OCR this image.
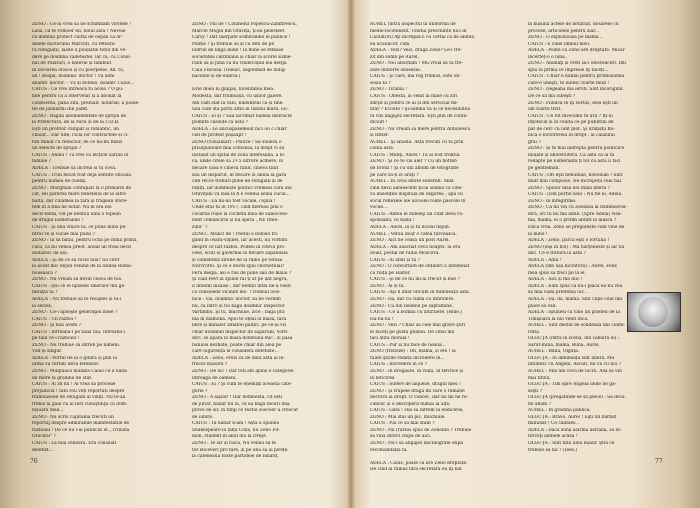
ZENO : Ce-ai vrea să ne schimbăm vîrstele !
Lasă, că te vomoer eu, bolul ăsta ! Nevoie
ca domnul profect cuitta de oepan ca or-
dinele doctorului Marcuti, cu retestu-
ra refugiatii, lasite a pouliatie totul din ve-
dere pe doamna vădeteștei, lar ca, cu Consi-
liul de Palaturi, o baterie și tamburi
în favoarea oracol și cu poorpetie. Ah, tu,
ah ! Bospa, doamna' doctor ! Vă adni
doamn' doctor. – Vă și nobele, doamn' Caius...
CAIUS : Ce vrei întreacă tu acolo ? O pu-
blie pentru că a intervenit și a abonat la
conștientă, pana zita, preluait, notarial, a poate-
tle de jandarmi din județ.
ZENO : Bagan abonamentele de sprijin de
la Prefectură, de la Nicu și de la U.D.B.
Eşti un profitor cumpăt și romantic, un
chioăr... Dar uite, ciclă for contractele și ci-
toti mînat cu redactor, de ce nu-mi fixezi
un sefecte de sprijin ?
CAIUS : Ahiba ! Tu vrei cu lecțion sărilia în
familie ?
ADELA : Trebuie să încrezi și tu cova.
CAIUS : Trun fiecat rost deja sentire oficială
pentru numea de clienți.
ZENO : Morgman contupait la o primărie de
cat, sei părerea mare bebețelul de la latre
baltă, dar culamea la țară și trăgean sfore-
tele în a tină de notar. Nu m era boi
decit-tenta, vid pe nentoii unui s topean
de dragul Esmeraldei !
CAIUS : Şi ană vinice tu, ce pune mina pe-
ntrul ve și vocile mai pului ?
ZENO : Ia să bătăi, pentru ocha pe mină prima
cură, că nu venea preot, anual un treia decit
donăzeci de ani.
ADELA : Şi de ce să rovie fala? Să citet
la acest mic dejun venind de la Stinea Roma-
noueasca ?
ZENO : Nu vream să devin ceava de tus.
CAIUS : Ştii ce le lipseste tinerilor din ge-
neraţia ta ?
ADELA : Nu trebuie să te reciples și tu-i
ia seriox.
ZENO : Ce-i lipseşte generaţiei mele ?
CAIUS : Un război !
ZENO : Şi mai avem ?
CAIUS : Intreabă-l pe tatăl tău. Intreabă-l
pe tăul ce-i războiul !
ZENO : Nu trebuie să întreb pe nimeni.
Văd și singur.
ADELA : Portul de la o gitară și plin la
urmă va certati deva fetelelor.
ZENO : Mulpuacă mulaba Caius cu a haltă
de lnore la grădina de stat.
CAIUS : Ai zn nu ! Al vrea să procede
prejudiciu ! Iată rou veți reportați despre
frumoaseile de refugiati și viniți. Nu te-au
trimis la gaiii cu ai fost cunoştinţă cu dom-
nișoara mea...
ZENO : Nu scris căpitănia trecuti un
reportaj despre admirabile manifestatile de
războiul ! De ce nu l-ai publicat în ,,Tribuna
Oraciței" ?
CAIUS : La noa cenzura. Era consiliat
defetist...
ZENO : Pâi de ! Colanelul Popescu-Zamfirescu,
Marcle Mogul din Oravița, ți-au pelesteet
Carsy ! Dar înerpăte Esmeraldei le publice !
Poliție ! Şi trebuie să și cu deti de pe
ludroli de lingă mine ! Ia mine se remase
societatea cardinalui și chiar la școrie Esme-
raldi să și pină vă nu vindecațiul ela dergă
Cuiu Filloosa. (Gleuic, zagonmsd de indig-
naciune și de eulevă.)

Este mieli ni gingaș, lucelitatea mea.
Modestă, dar frumoasă, cu ușilor galere.
Am cam stat la valo, bineînțeal ca și tine.
Sau cum stă porta affla în fundul mării, ioc.
CAIUS : Ei și ? Sau lacrimat bamea distructe
pomnte căselde ca asta ?
ADELA : Le ancuspasemeaț nici ou c chiar
ciel de protest pașaupt !
ZENO (vizualităr) : Poliive ! Să suueza o
prisoplatoare mai convinsă, la drept vi sa
instalat un spital de zonă interesană, a lo-
ca, unde citele sa 2+5 ulfrore acmere, în
fiecare casă e cineva rănit, cineva ținit
sau un dispărut, în fiecare zi uneai la gară
cite recce trenuri pline de refugiați și de
răniți, iar domnește politici vremeai cura dia
Oravițani va lasa la fi e vedeia șeina cucul...
CAIUS : Ea nu-au fost vocale, copila !
Unde erai tu în 1917, cînd mereau pîni o
cocardă roșie la cocheta mea de subiocote-
nent comancirui și nu spera ,,NE rmle-
zulu'' ?
ZENO : Atunci de ! Poetui e bonieli fri-
gand în ceară-vișinei, îar acesti, nu vorbim
despre ce liat război. Podesi în citeva pro-
cese, scoți și guvernul în fiecare zăpăneală
și comentezi zirelle de la radio pe terasă
Norcrorei. Şi ce e dovdi spui clocherulal?
Ferii despă, asi e rău de pîine sau de mălăi ?
Şi ciad Pevt ili spune răi ți ăt pe unt negru,
il înteîlni insaise ; dar nemții intlu ne-a venit
că consolede vicinile mo- ? Domuil loso-
nice : Vai, doamna' doctor, să ne vorbim
nu, că intro și toi bagă doamna' inspector
Vartindiu. Şi tu, muchiule, zice ; bagă pră
nia în mamona. Apoi te oțeai la masă, fără
bere și mînâlor amatoli palțiri, pe ce-ai vis
chiar doamnei inspector de săparunl, Vorti-
dîrc, se apară la masa domnului mic : și pasă
bunicei dezbate, poate chiar din alea pe
care Sigurența le considera defetiste...
ADELA : Zeno, erezi că de data asta ai în-
trecut măsura ?
ZENO : De loc ! Dar toti am ajuns o categorie
întreagă de oameni.
CAIUS : Ei ? Şi cum te ehemaţi această cate-
gorie ?
ZENO : A laşilor ! Dar domnesta, cit ești
de jurist, habar nu ai, ce ea bagă mouri dua
prove de sir, în timp ce restul soocoer a crescut
de iubire.
CAIUS : Ta habar n-am ! Așta a spunea
Shakespeare la falța Cons, nu Zeno Fil-
mon, student în anul doi la Drept.
ZENO : Te iar și riscă, Nu venea să te
tot enceverl pro tare, și pe una să ai pîreții
la cafeneaua toate partidele de biliard.
76
AUREL (intră inspectul la uniformă de
medie-locotenent. Unetiă preschinte nici în
Cautători) Aţi încrepat-o cu certai ca de abitez,
ea ucuulicor. cum
ADELA : Vezi? Vezi, dragă Zeno? Le-i tre-
zit din somn pe Aurel.
ZENO : Noi abordăm ! Mu vroia să ta tre-
zeze dinterte obseezie.
CAIUS : Şi care, mă rog frumos, este ob-
sesia ta ?
ZENO : Tirania !
CAIUS : Obesta, ai venit la mine cu ziri
sfirşit și pentru ce ai și din servicial mi-
litar ? Ecoute ! Şi-oamna va și ce necesitatea
ta vizi angajez secretară. Eşti plin de conta-
diciuri !
ZENO : Nu vream să mere pentru Antonescu
și Hitler.
AUREL : Şi iatăsta. Asta trecuti cu ta prin
ciuna asta.
CAIUS : Mîinţi, Aurel ! Tu ai fost frontul.
ZENO : Şi ce te vai aler ? Cu un hotten
de bronz ! Şi cu uni album de fotografie
pe care să-ți le arăţi ?
AUREL : În ceva ditate sobernit. Abla
cind devii adolescent ţii-ai seama că cine-
va iluzonțile inspitală de înșpirea ; apa cu
socul reflexele ale alcoolei toate pascele în
vocile...
CAIUS : Antea le îndeleji un citat deva ra-
sponsabil, ce băita !
ADELA : Aurel, ia și tu niceal dejun.
AUREL : Verau doar o cafea turcească.
ZENO : Aici ne ceasa un post Aurel.
ADELA : Am auschat ceva noapte, la ora
doud, postul de radio Moscova.
CAIUS : Ai aflat și tu ?
ZENO : O convorbire de obțineri a întemeiat
că riuța pe Halter.
CAIUS : Şi de ce nu mi-ai trecut și mie ?
ZENO : Ai și tu.
CAIUS : Aşi fi aflat oricum în dimineață asta.
ZENO : Da, dar cu clima cu intirziere.
ZENO : Cu din neamul pe săptămîne.
CAIUS : Ce a bomba cu intirziere, (Ride.)
Ha-ha-ha !
ZENO : Vezi ? Chiar să cele mai grave ştiri
le faceți pe gusta glumei. De cinei ma
faci atîta morală !
CAIUS : Pur și nu face de neaua...
ZENO (tristeze) : Oh, mamă, și ete ! ia
tuate ştirile redată încredere în...
CAIUS : Încredere în ce ?
ZENO : În drogaute, în viața, în feririce și
în fericirea
CAIUS : Sufere de laqueze, dragul meu !
ZENO : Şi trupele dragă mi care o ramane
doctorii la drept. O cunosc, dar nu mi ne re-
cunosc și o descoperă numai la alții.
CAIUS : Gata ! Hai să intrem la endicerie,
ZENO : Mai stai un pic, muchiule.
CAIUS : Păi ce să mai stăm ?
ZENO : Nu (rareai spus de Zenobia ? Trebuie
să vina direct chipă de aici.
ZENO : Nu-i să angajez dactilografe după
recomandația ta.

ADELA : Caius, poate că are Zeno dreptate.
De cînd ai rămas fără secretară eu îţi bat
la mașină actele de notariat, dosarele cu
procese, articolele pentru ziar...
ZENO : O explozioasă pe mama...
CAIUS : E cînel limbul meu.
ADELA : Poate că Zeno are dreptate. Mîcar
încerteț-o o lună.
ZENO : Anunaţi și vreti să-l ofectenceri. Îmi
spui la prima ce impresie îţi faceți...
CAIUS : Chiar e numai pentru promisiunea
care-o uneşti, te iubesc foarte mult !
ZENO : Degeaba ma iersti. Sint incorigibil.
De ce să mă iubeşti ?
ZENO : Fiindcă te iţi sortuș, deși eşti un
om foarte trist.
CAIUS : Ce tot învecinte te ura ? Iți-ai
înţotecal și în cealta ce pe puțintini de
pat de cerc cu lunt plot. Şi uraţiștii bu-
nica o loctorereul în drept : al cauzului
grăi ?
ZENO : Şi te mai îndrepta pentru politicice
mulate și universitorii. Ca asta ca ia ta
redăpte pe Esmeralda ți tot cu asta îi faci
pe gentleman.
CAIUS : Ori eşti nebunule, hoboxule ! Sînt
mult mai comploșe. Ne încropețîi ceai nai.
ZENO : Spulor însă doi mină liberă ?
CAIUS : (Din porțul său) : Nu fie ei, Adela.
ZENO : în inregirime.
ZENO : Ca nu vin cu Zenobia la dumneavoa-
stra, ori tu nu mă aduli. (Spre Adela) Nea-
mă, mama, ei o pritim antint la mască ?
Dacă vrea. Zeno se pregătește cum vine de
la mine !
ADELA : Zeno, parcă eşti o fortună !
ZENO (ieşi în hol) : Mă hărțeneste și îar nu
duc. Ce e fratora lu asta ?
ADELA : Adiu !
ADELA (din ușa lucrătorii) : Aurel, Felix
mea spus să treci pe la el.
ADELA : Aici și mă duc !
ADELA : Eam spus că nu-i placă ea nu vea
să mai vadă prietenia lor...
ADELA : Da, da, mamă. Sînt clipe cînd imi
place să văd.
ADELA : Spunesi că vine un prieten de la
Timișoara la noi venit încă.
AUREL : Sînt destul de solidează din confe-
rinta.
OLGUŢA (intră în scenă, din camera ei) :
Sărut-mina, mamă, Bună, Aurel.
AUREL : Bună, Olguța.
OLGUŢA : Ai dimineață sînt liberă. Mă
întîlnesc cu Angela. Ascult, nu vii cu noi ?
AUREL : Mai am ceva de lucru. Asa să vin
mai tîrziu.
OLGUŢA : Tim spre Angela unde ne gă-
seşti ?
OLGUŢA (pregătinde-se să plece) : Să decă
ne aflăm ?
AUREL : În grădina publică.
OLGUŢA : Bravo, Aurel ! Eşti un bărbat
minunat ! Ce calitate...
ADELA : Dacă sună alarma aeriană, să în-
torceţi ambele acasă !
OLGUŢA : Sînt fata unui maior. Ştiu ce
trebuie să fac ! (Iese.)
77
